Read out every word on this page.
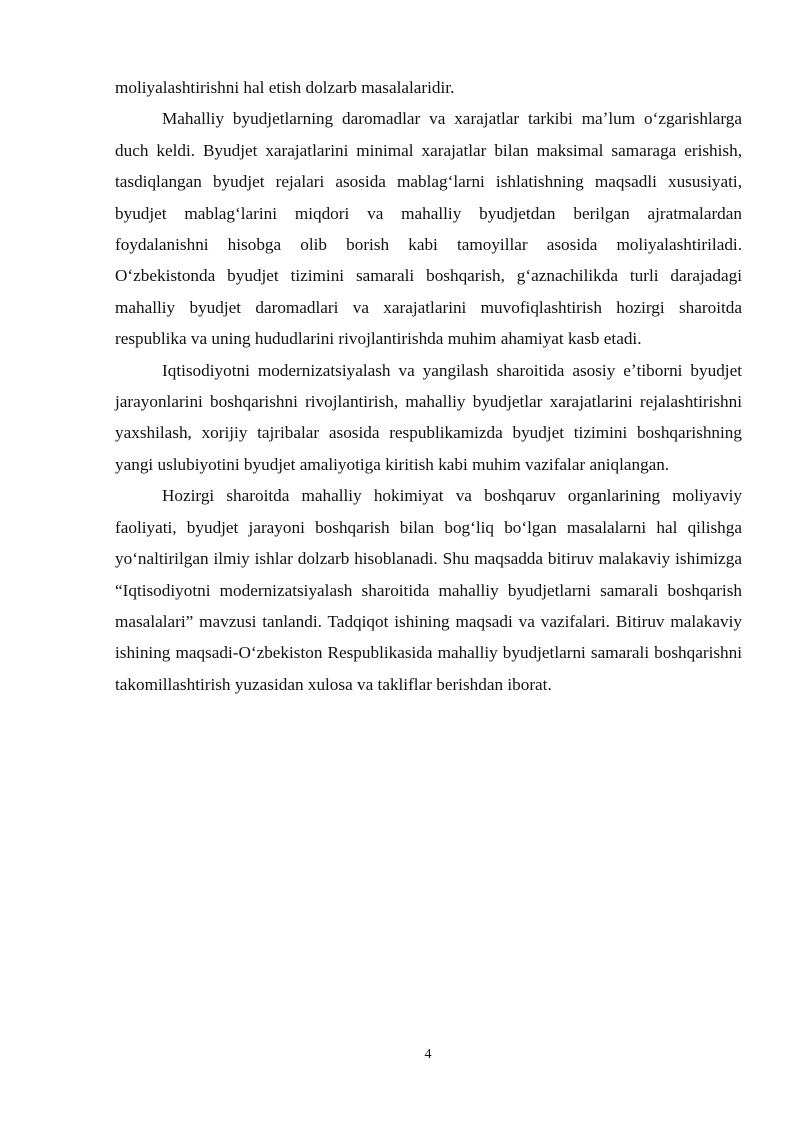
moliyalashtirishni hal etish dolzarb masalalaridir.

Mahalliy byudjetlarning daromadlar va xarajatlar tarkibi maʼlum oʻzgarishlarga duch keldi. Byudjet xarajatlarini minimal xarajatlar bilan maksimal samaraga erishish, tasdiqlangan byudjet rejalari asosida mablagʻlarni ishlatishning maqsadli xususiyati, byudjet mablagʻlarini miqdori va mahalliy byudjetdan berilgan ajratmalardan foydalanishni hisobga olib borish kabi tamoyillar asosida moliyalashtiriladi. Oʻzbekistonda byudjet tizimini samarali boshqarish, gʻaznachilikda turli darajadagi mahalliy byudjet daromadlari va xarajatlarini muvofiqlashtirish hozirgi sharoitda respublika va uning hududlarini rivojlantirishda muhim ahamiyat kasb etadi.

Iqtisodiyotni modernizatsiyalash va yangilash sharoitida asosiy eʼtiborni byudjet jarayonlarini boshqarishni rivojlantirish, mahalliy byudjetlar xarajatlarini rejalashtirishni yaxshilash, xorijiy tajribalar asosida respublikamizda byudjet tizimini boshqarishning yangi uslubiyotini byudjet amaliyotiga kiritish kabi muhim vazifalar aniqlangan.

Hozirgi sharoitda mahalliy hokimiyat va boshqaruv organlarining moliyaviy faoliyati, byudjet jarayoni boshqarish bilan bogʻliq boʻlgan masalalarni hal qilishga yoʻnaltirilgan ilmiy ishlar dolzarb hisoblanadi. Shu maqsadda bitiruv malakaviy ishimizga “Iqtisodiyotni modernizatsiyalash sharoitida mahalliy byudjetlarni samarali boshqarish masalalari” mavzusi tanlandi. Tadqiqot ishining maqsadi va vazifalari. Bitiruv malakaviy ishining maqsadi-Oʻzbekiston Respublikasida mahalliy byudjetlarni samarali boshqarishni takomillashtirish yuzasidan xulosa va takliflar berishdan iborat.

4
